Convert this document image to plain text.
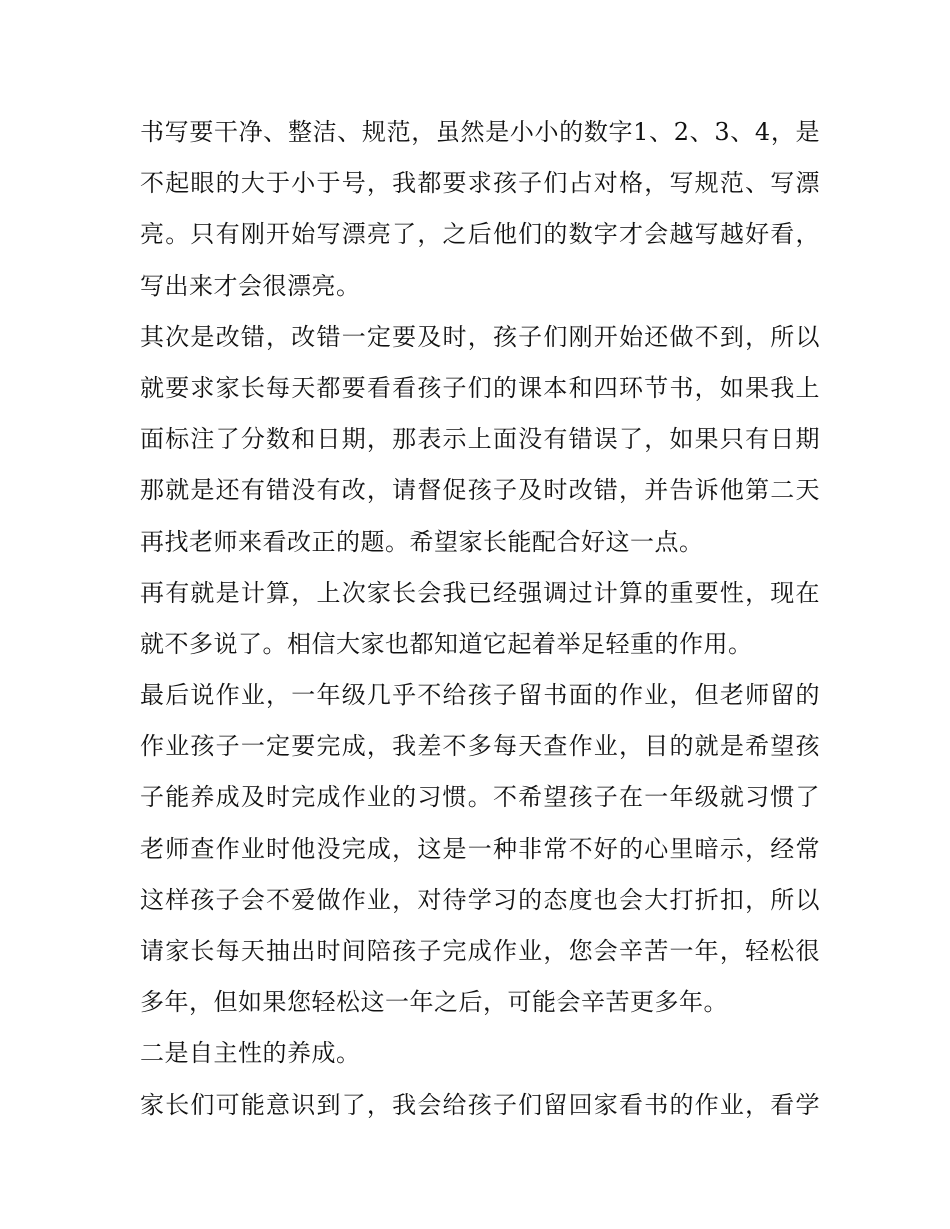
书写要干净、整洁、规范，虽然是小小的数字1、2、3、4，是
不起眼的大于小于号，我都要求孩子们占对格，写规范、写漂
亮。只有刚开始写漂亮了，之后他们的数字才会越写越好看，
写出来才会很漂亮。
其次是改错，改错一定要及时，孩子们刚开始还做不到，所以
就要求家长每天都要看看孩子们的课本和四环节书，如果我上
面标注了分数和日期，那表示上面没有错误了，如果只有日期
那就是还有错没有改，请督促孩子及时改错，并告诉他第二天
再找老师来看改正的题。希望家长能配合好这一点。
再有就是计算，上次家长会我已经强调过计算的重要性，现在
就不多说了。相信大家也都知道它起着举足轻重的作用。
最后说作业，一年级几乎不给孩子留书面的作业，但老师留的
作业孩子一定要完成，我差不多每天查作业，目的就是希望孩
子能养成及时完成作业的习惯。不希望孩子在一年级就习惯了
老师查作业时他没完成，这是一种非常不好的心里暗示，经常
这样孩子会不爱做作业，对待学习的态度也会大打折扣，所以
请家长每天抽出时间陪孩子完成作业，您会辛苦一年，轻松很
多年，但如果您轻松这一年之后，可能会辛苦更多年。
二是自主性的养成。
家长们可能意识到了，我会给孩子们留回家看书的作业，看学
